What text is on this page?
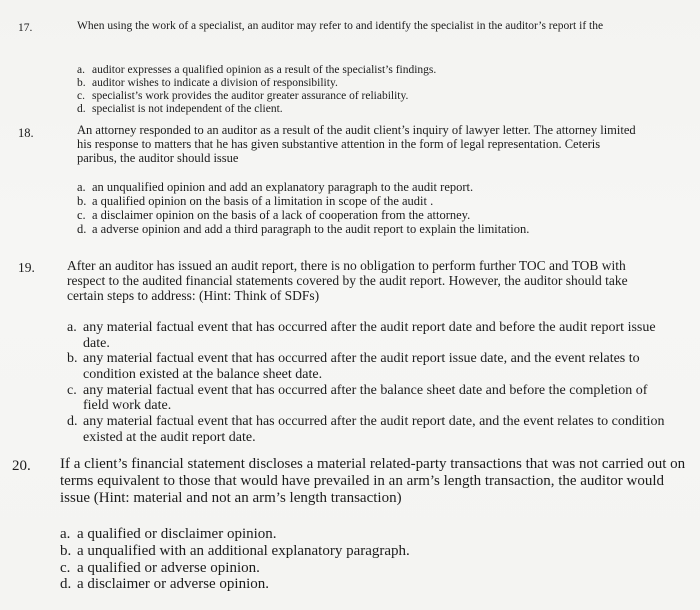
17.	When using the work of a specialist, an auditor may refer to and identify the specialist in the auditor’s report if the
a. auditor expresses a qualified opinion as a result of the specialist’s findings.
b. auditor wishes to indicate a division of responsibility.
c. specialist’s work provides the auditor greater assurance of reliability.
d. specialist is not independent of the client.
18.	An attorney responded to an auditor as a result of the audit client’s inquiry of lawyer letter. The attorney limited his response to matters that he has given substantive attention in the form of legal representation. Ceteris paribus, the auditor should issue
a. an unqualified opinion and add an explanatory paragraph to the audit report.
b. a qualified opinion on the basis of a limitation in scope of the audit .
c. a disclaimer opinion on the basis of a lack of cooperation from the attorney.
d. a adverse opinion and add a third paragraph to the audit report to explain the limitation.
19. After an auditor has issued an audit report, there is no obligation to perform further TOC and TOB with respect to the audited financial statements covered by the audit report. However, the auditor should take certain steps to address: (Hint: Think of SDFs)
a. any material factual event that has occurred after the audit report date and before the audit report issue date.
b. any material factual event that has occurred after the audit report issue date, and the event relates to condition existed at the balance sheet date.
c. any material factual event that has occurred after the balance sheet date and before the completion of field work date.
d. any material factual event that has occurred after the audit report date, and the event relates to condition existed at the audit report date.
20. If a client’s financial statement discloses a material related-party transactions that was not carried out on terms equivalent to those that would have prevailed in an arm’s length transaction, the auditor would issue (Hint: material and not an arm’s length transaction)
a. a qualified or disclaimer opinion.
b. a unqualified with an additional explanatory paragraph.
c. a qualified or adverse opinion.
d. a disclaimer or adverse opinion.
